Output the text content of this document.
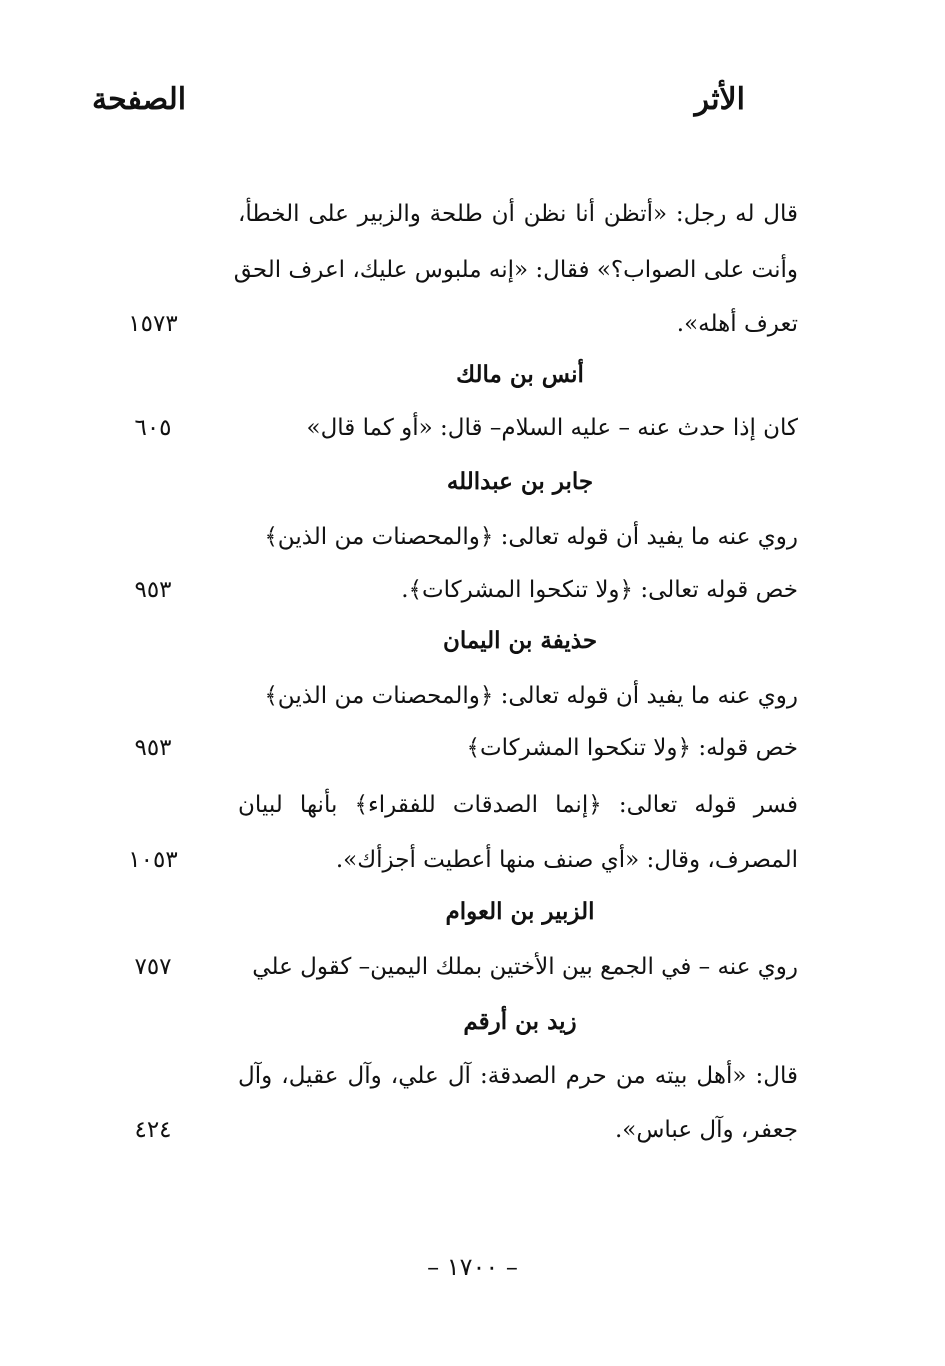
الأثر
الصفحة
قال له رجل: «أتظن أنا نظن أن طلحة والزبير على الخطأ،
وأنت على الصواب؟» فقال: «إنه ملبوس عليك، اعرف الحق
تعرف أهله».
١٥٧٣
أنس بن مالك
كان إذا حدث عنه – عليه السلام– قال: «أو كما قال»
٦٠٥
جابر بن عبدالله
روي عنه ما يفيد أن قوله تعالى: ﴿والمحصنات من الذين﴾
خص قوله تعالى: ﴿ولا تنكحوا المشركات﴾.
٩٥٣
حذيفة بن اليمان
روي عنه ما يفيد أن قوله تعالى: ﴿والمحصنات من الذين﴾
خص قوله: ﴿ولا تنكحوا المشركات﴾
٩٥٣
فسر قوله تعالى: ﴿إنما الصدقات للفقراء﴾ بأنها لبيان
المصرف، وقال: «أي صنف منها أعطيت أجزأك».
١٠٥٣
الزبير بن العوام
روي عنه – في الجمع بين الأختين بملك اليمين– كقول علي
٧٥٧
زيد بن أرقم
قال: «أهل بيته من حرم الصدقة: آل علي، وآل عقيل، وآل
جعفر، وآل عباس».
٤٢٤
– ١٧٠٠ –
